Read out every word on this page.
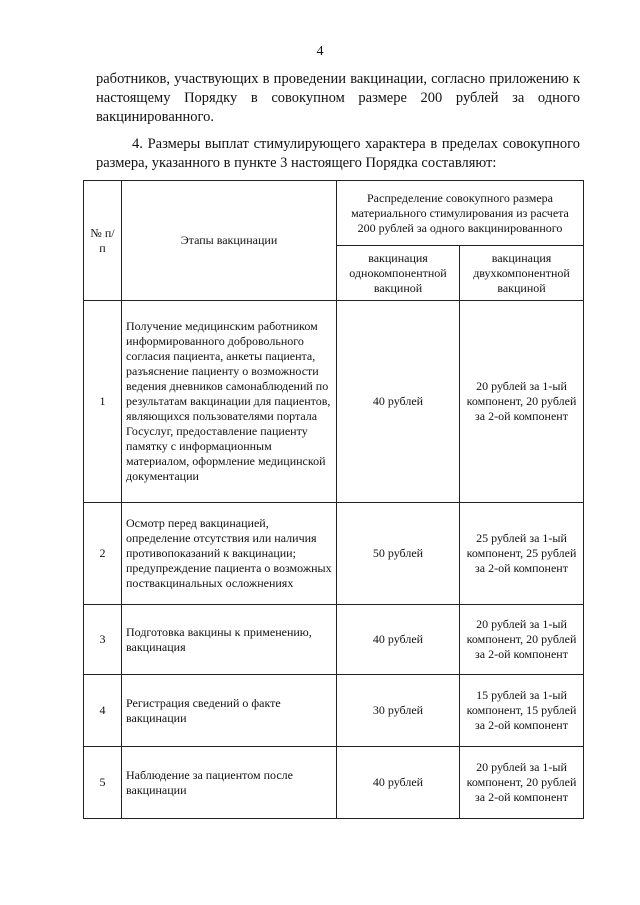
4

работников, участвующих в проведении вакцинации, согласно приложению к настоящему Порядку в совокупном размере 200 рублей за одного вакцинированного.

4. Размеры выплат стимулирующего характера в пределах совокупного размера, указанного в пункте 3 настоящего Порядка составляют:

№ п/п	Этапы вакцинации	Распределение совокупного размера материального стимулирования из расчета 200 рублей за одного вакцинированного	
		вакцинация однокомпонентной вакциной	вакцинация двухкомпонентной вакциной
1	Получение медицинским работником информированного добровольного согласия пациента, анкеты пациента, разъяснение пациенту о возможности ведения дневников самонаблюдений по результатам вакцинации для пациентов, являющихся пользователями портала Госуслуг, предоставление пациенту памятку с информационным материалом, оформление медицинской документации	40 рублей	20 рублей за 1-ый компонент, 20 рублей за 2-ой компонент
2	Осмотр перед вакцинацией, определение отсутствия или наличия противопоказаний к вакцинации; предупреждение пациента о возможных поствакцинальных осложнениях	50 рублей	25 рублей за 1-ый компонент, 25 рублей за 2-ой компонент
3	Подготовка вакцины к применению, вакцинация	40 рублей	20 рублей за 1-ый компонент, 20 рублей за 2-ой компонент
4	Регистрация сведений о факте вакцинации	30 рублей	15 рублей за 1-ый компонент, 15 рублей за 2-ой компонент
5	Наблюдение за пациентом после вакцинации	40 рублей	20 рублей за 1-ый компонент, 20 рублей за 2-ой компонент
